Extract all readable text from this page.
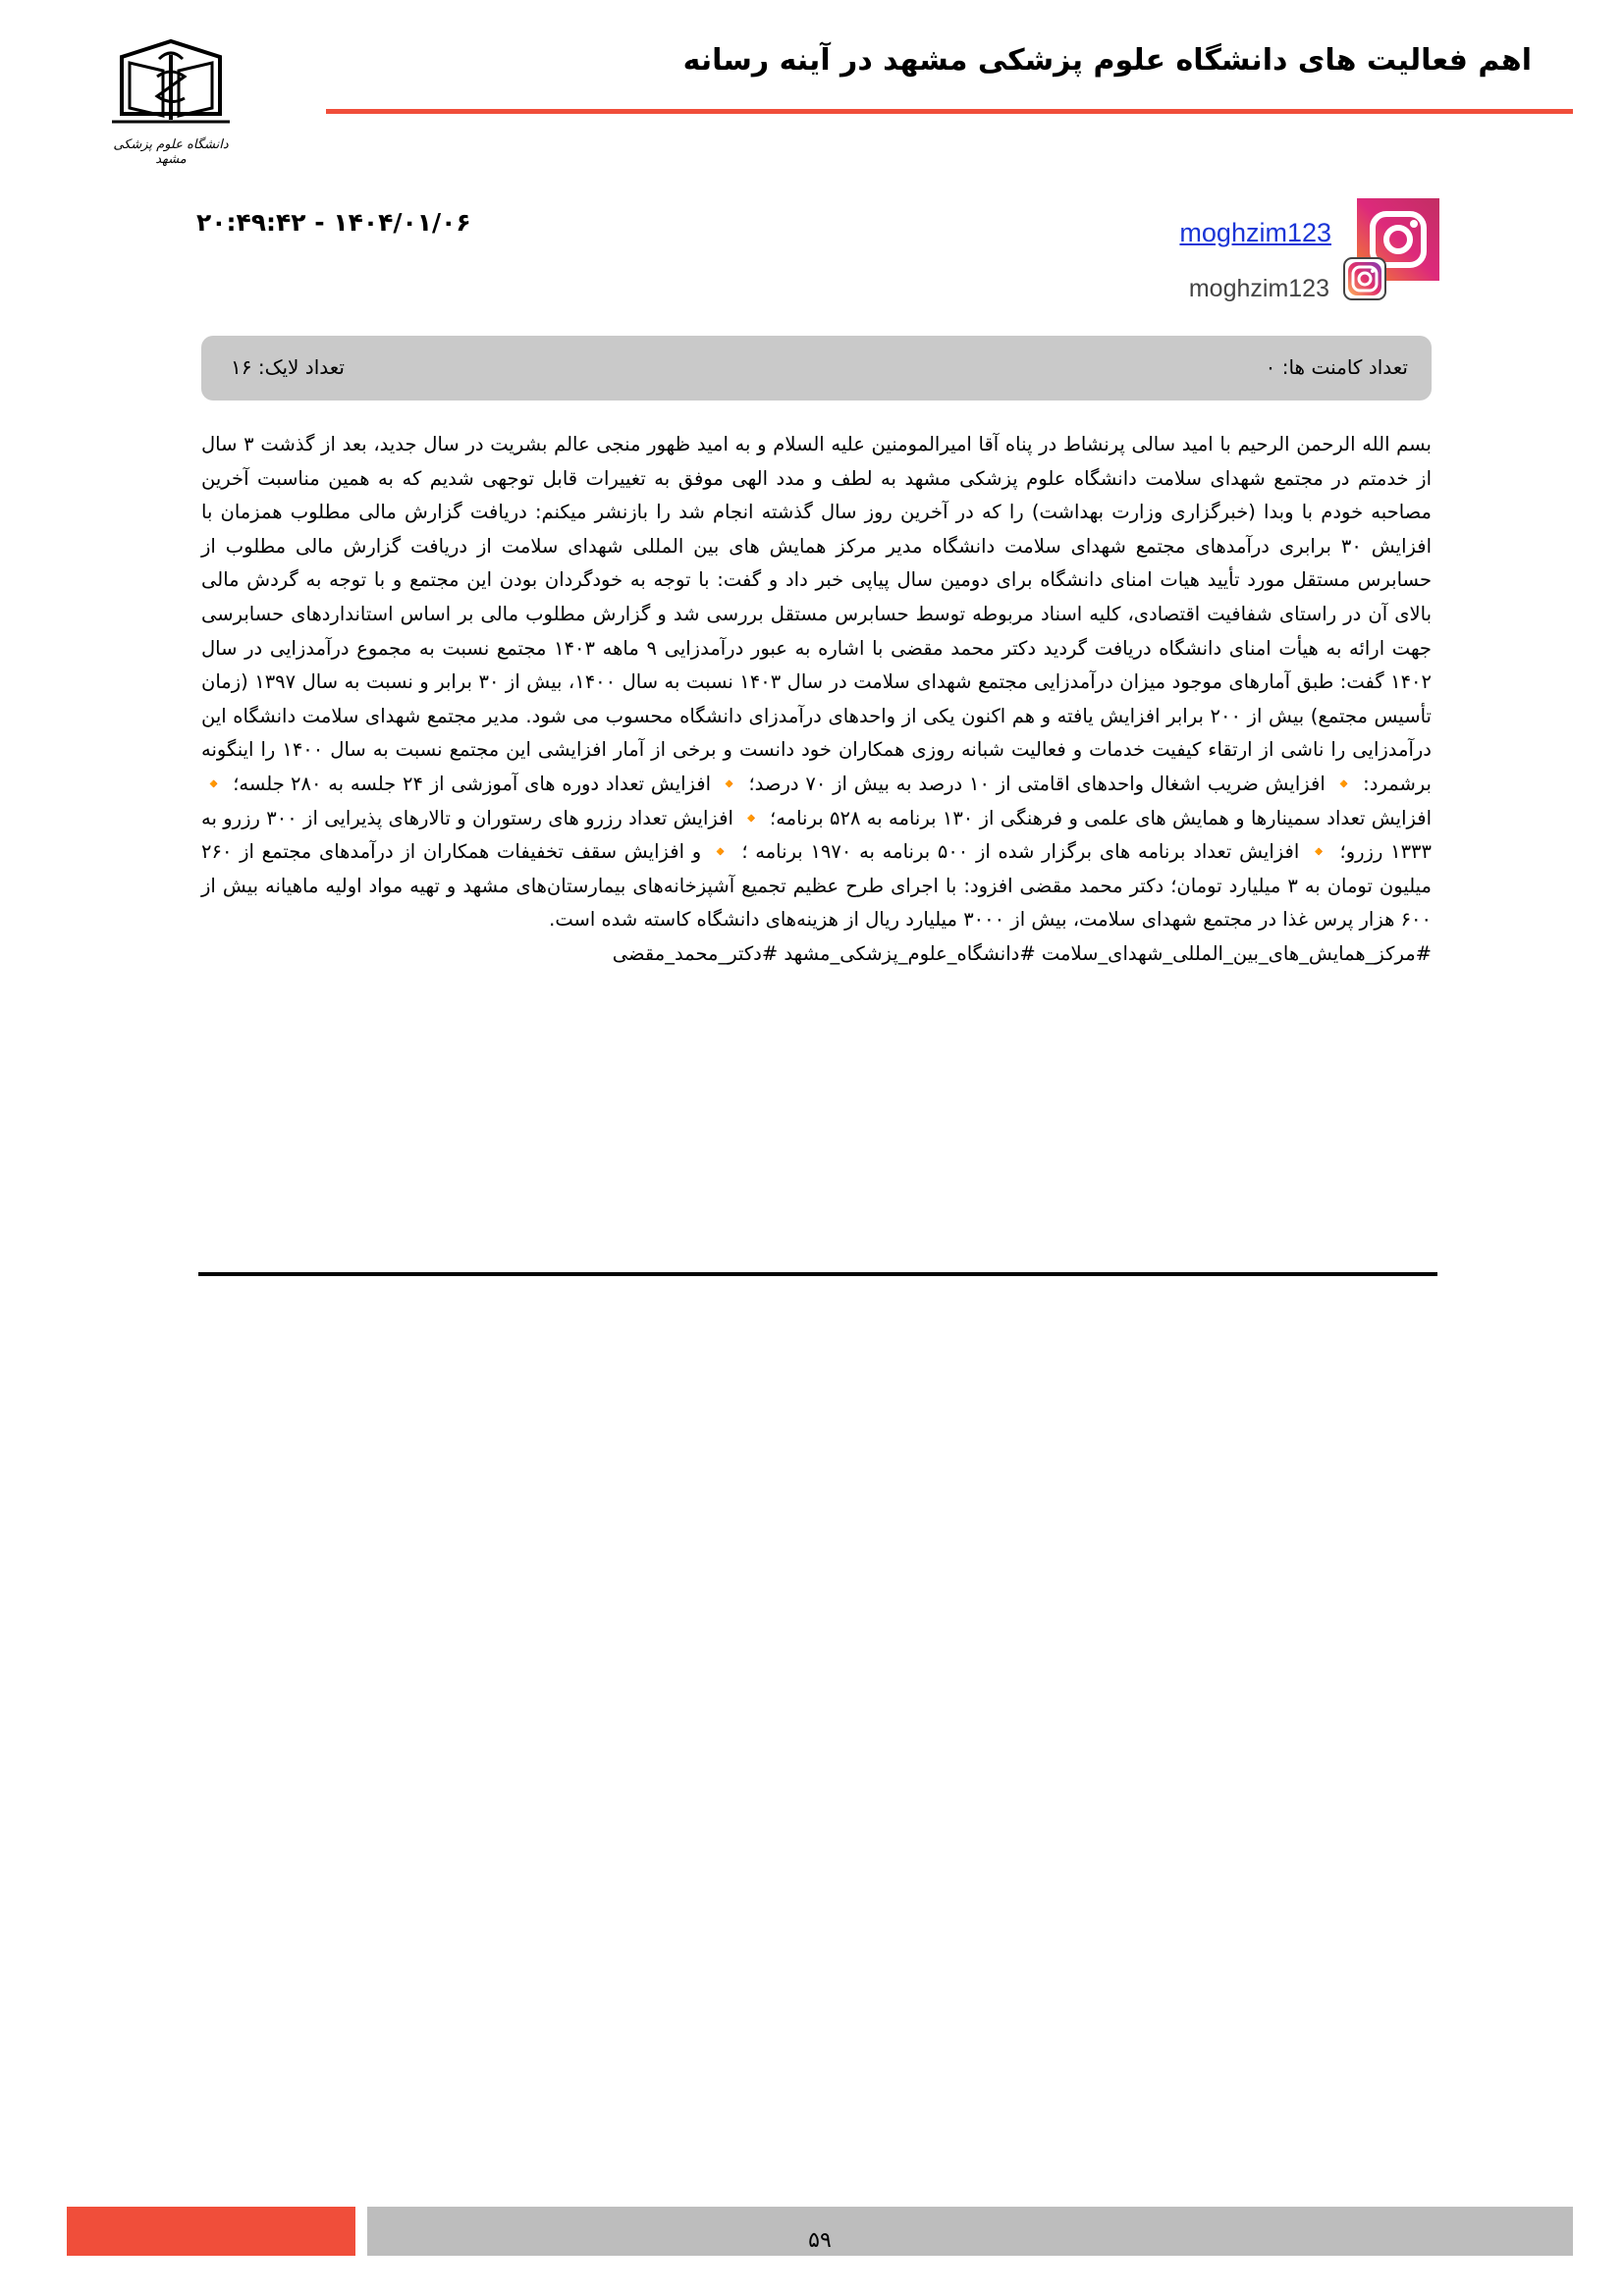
اهم فعالیت های دانشگاه علوم پزشکی مشهد در آینه رسانه
دانشگاه علوم پزشکی مشهد
۲۰:۴۹:۴۲ - ۱۴۰۴/۰۱/۰۶	moghzim123
moghzim123
تعداد کامنت ها: ۰
تعداد لایک: ۱۶

بسم الله الرحمن الرحیم با امید سالی پرنشاط در پناه آقا امیرالمومنین علیه السلام و به امید ظهور منجی عالم بشریت در سال جدید، بعد از گذشت ۳ سال از خدمتم در مجتمع شهدای سلامت دانشگاه علوم پزشکی مشهد به لطف و مدد الهی موفق به تغییرات قابل توجهی شدیم که به همین مناسبت آخرین مصاحبه خودم با وبدا (خبرگزاری وزارت بهداشت) را که در آخرین روز سال گذشته انجام شد را بازنشر میکنم: دریافت گزارش مالی مطلوب همزمان با افزایش ۳۰ برابری درآمدهای مجتمع شهدای سلامت دانشگاه مدیر مرکز همایش های بین المللی شهدای سلامت از دریافت گزارش مالی مطلوب از حسابرس مستقل مورد تأیید هیات امنای دانشگاه برای دومین سال پیاپی خبر داد و گفت: با توجه به خودگردان بودن این مجتمع و با توجه به گردش مالی بالای آن در راستای شفافیت اقتصادی، کلیه اسناد مربوطه توسط حسابرس مستقل بررسی شد و گزارش مطلوب مالی بر اساس استانداردهای حسابرسی جهت ارائه به هیأت امنای دانشگاه دریافت گردید دکتر محمد مقضی با اشاره به عبور درآمدزایی ۹ ماهه ۱۴۰۳ مجتمع نسبت به مجموع درآمدزایی در سال ۱۴۰۲ گفت: طبق آمارهای موجود میزان درآمدزایی مجتمع شهدای سلامت در سال ۱۴۰۳ نسبت به سال ۱۴۰۰، بیش از ۳۰ برابر و نسبت به سال ۱۳۹۷ (زمان تأسیس مجتمع) بیش از ۲۰۰ برابر افزایش یافته و هم اکنون یکی از واحدهای درآمدزای دانشگاه محسوب می شود. مدیر مجتمع شهدای سلامت دانشگاه این درآمدزایی را ناشی از ارتقاء کیفیت خدمات و فعالیت شبانه روزی همکاران خود دانست و برخی از آمار افزایشی این مجتمع نسبت به سال ۱۴۰۰ را اینگونه برشمرد: 🔸 افزایش ضریب اشغال واحدهای اقامتی از ۱۰ درصد به بیش از ۷۰ درصد؛ 🔸 افزایش تعداد دوره های آموزشی از ۲۴ جلسه به ۲۸۰ جلسه؛ 🔸 افزایش تعداد سمینارها و همایش های علمی و فرهنگی از ۱۳۰ برنامه به ۵۲۸ برنامه؛ 🔸 افزایش تعداد رزرو های رستوران و تالارهای پذیرایی از ۳۰۰ رزرو به ۱۳۳۳ رزرو؛ 🔸 افزایش تعداد برنامه های برگزار شده از ۵۰۰ برنامه به ۱۹۷۰ برنامه ؛ 🔸 و افزایش سقف تخفیفات همکاران از درآمدهای مجتمع از ۲۶۰ میلیون تومان به ۳ میلیارد تومان؛ دکتر محمد مقضی افزود: با اجرای طرح عظیم تجمیع آشپزخانه‌های بیمارستان‌های مشهد و تهیه مواد اولیه ماهیانه بیش از ۶۰۰ هزار پرس غذا در مجتمع شهدای سلامت، بیش از ۳۰۰۰ میلیارد ریال از هزینه‌های دانشگاه کاسته شده است.

#مرکز_همایش_های_بین_المللی_شهدای_سلامت #دانشگاه_علوم_پزشکی_مشهد #دکتر_محمد_مقضی

۵۹
